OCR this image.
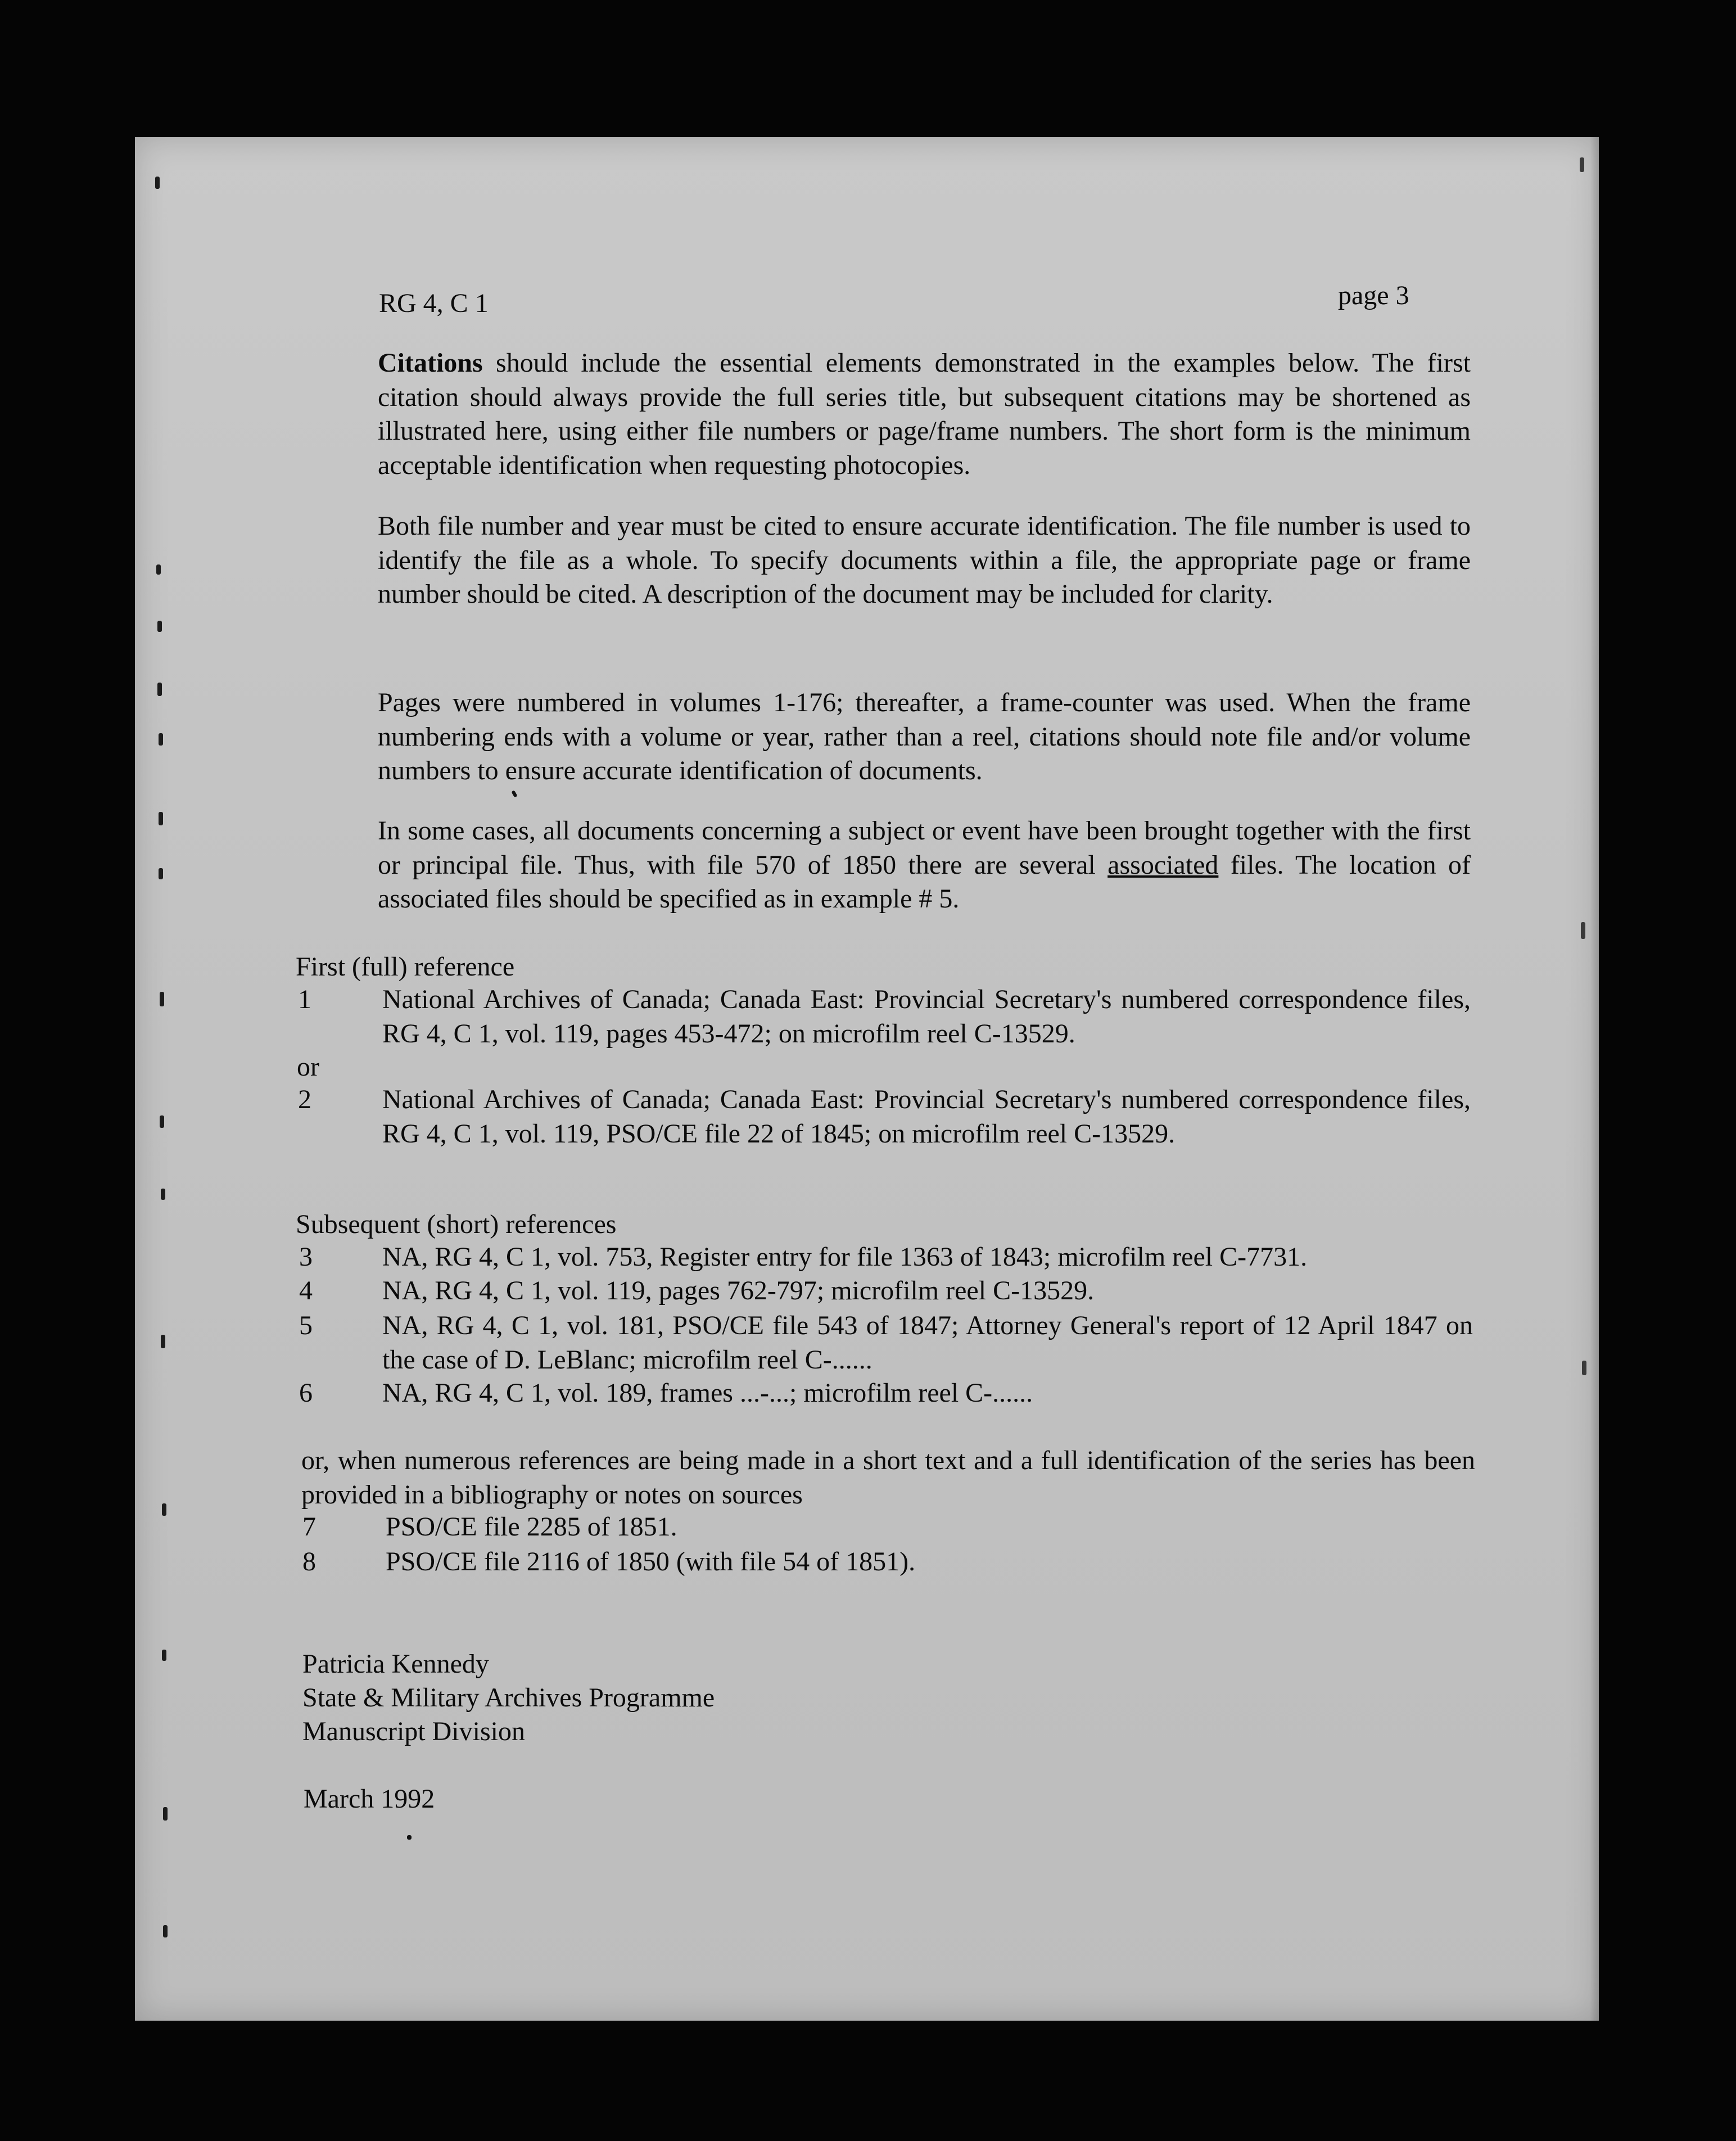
RG 4, C 1	page 3

Citations should include the essential elements demonstrated in the examples below. The first citation should always provide the full series title, but subsequent citations may be shortened as illustrated here, using either file numbers or page/frame numbers. The short form is the minimum acceptable identification when requesting photocopies.

Both file number and year must be cited to ensure accurate identification. The file number is used to identify the file as a whole. To specify documents within a file, the appropriate page or frame number should be cited. A description of the document may be included for clarity.

Pages were numbered in volumes 1-176; thereafter, a frame-counter was used. When the frame numbering ends with a volume or year, rather than a reel, citations should note file and/or volume numbers to ensure accurate identification of documents.

In some cases, all documents concerning a subject or event have been brought together with the first or principal file. Thus, with file 570 of 1850 there are several associated files. The location of associated files should be specified as in example # 5.

First (full) reference

1	National Archives of Canada; Canada East: Provincial Secretary's numbered correspondence files, RG 4, C 1, vol. 119, pages 453-472; on microfilm reel C-13529.

or

2	National Archives of Canada; Canada East: Provincial Secretary's numbered correspondence files, RG 4, C 1, vol. 119, PSO/CE file 22 of 1845; on microfilm reel C-13529.

Subsequent (short) references

3	NA, RG 4, C 1, vol. 753, Register entry for file 1363 of 1843; microfilm reel C-7731.

4	NA, RG 4, C 1, vol. 119, pages 762-797; microfilm reel C-13529.

5	NA, RG 4, C 1, vol. 181, PSO/CE file 543 of 1847; Attorney General's report of 12 April 1847 on the case of D. LeBlanc; microfilm reel C-......

6	NA, RG 4, C 1, vol. 189, frames ...-...; microfilm reel C-......

or, when numerous references are being made in a short text and a full identification of the series has been provided in a bibliography or notes on sources

7	PSO/CE file 2285 of 1851.

8	PSO/CE file 2116 of 1850 (with file 54 of 1851).

Patricia Kennedy

State & Military Archives Programme

Manuscript Division

March 1992
